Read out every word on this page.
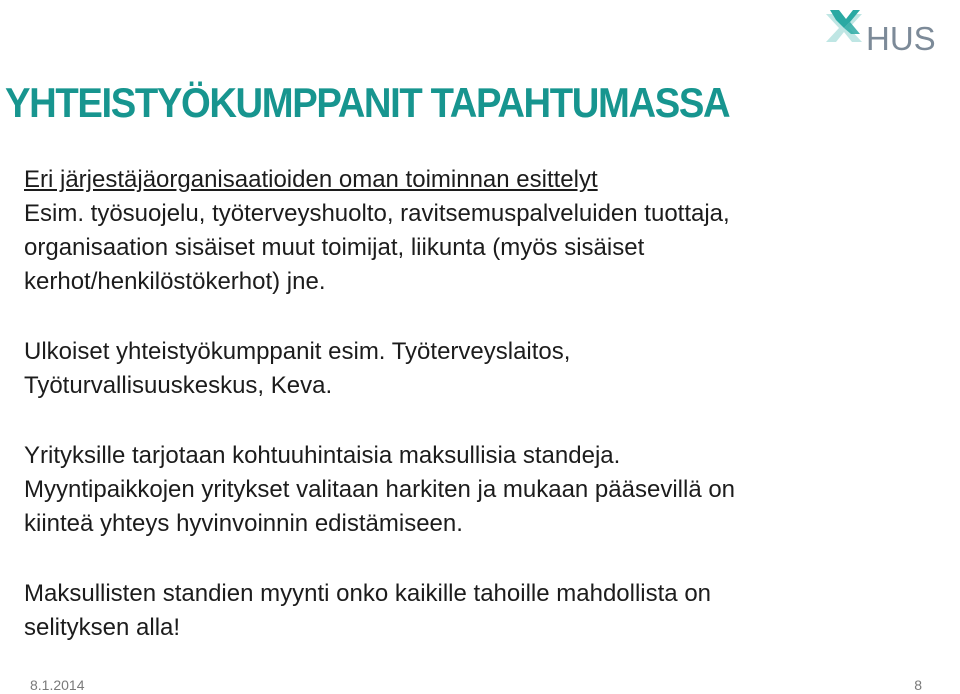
HUS
YHTEISTYÖKUMPPANIT TAPAHTUMASSA

Eri järjestäjäorganisaatioiden oman toiminnan esittelyt

Esim. työsuojelu, työterveyshuolto, ravitsemuspalveluiden tuottaja,
organisaation sisäiset muut toimijat, liikunta (myös sisäiset
kerhot/henkilöstökerhot) jne.

Ulkoiset yhteistyökumppanit esim. Työterveyslaitos,
Työturvallisuuskeskus, Keva.

Yrityksille tarjotaan kohtuuhintaisia maksullisia standeja.
Myyntipaikkojen yritykset valitaan harkiten ja mukaan pääsevillä on
kiinteä yhteys hyvinvoinnin edistämiseen.

Maksullisten standien myynti onko kaikille tahoille mahdollista on
selityksen alla!

8.1.2014	8
